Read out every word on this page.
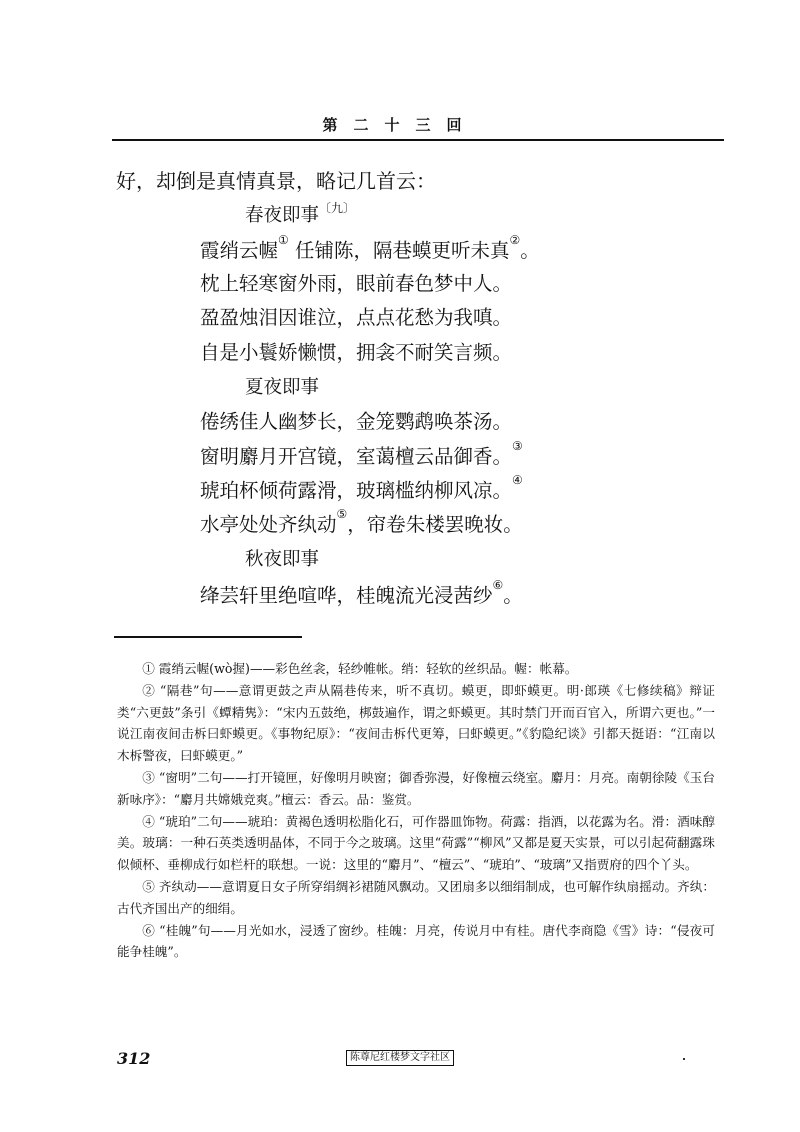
第二十三回
好，却倒是真情真景，略记几首云：
春夜即事$^{〔九〕}$
霞绡云幄① 任铺陈，隔巷蟆更听未真②。
枕上轻寒窗外雨，眼前春色梦中人。
盈盈烛泪因谁泣，点点花愁为我嗔。
自是小鬟娇懒惯，拥衾不耐笑言频。
夏夜即事
倦绣佳人幽梦长，金笼鹦鹉唤茶汤。
窗明麝月开宫镜，室蔼檀云品御香。③
琥珀杯倾荷露滑，玻璃槛纳柳风凉。④
水亭处处齐纨动⑤，帘卷朱楼罢晚妆。
秋夜即事
绛芸轩里绝喧哗，桂魄流光浸茜纱⑥。

① 霞绡云幄(wò握)——彩色丝衾，轻纱帷帐。绡：轻软的丝织品。幄：帐幕。

② “隔巷”句——意谓更鼓之声从隔巷传来，听不真切。蟆更，即虾蟆更。明·郎瑛《七修续稿》辩证类“六更鼓”条引《蟫精隽》：“宋内五鼓绝，梆鼓遍作，谓之虾蟆更。其时禁门开而百官入，所谓六更也。”一说江南夜间击柝曰虾蟆更。《事物纪原》：“夜间击柝代更筹，曰虾蟆更。”《豹隐纪谈》引都天挺语：“江南以木柝警夜，曰虾蟆更。”

③ “窗明”二句——打开镜匣，好像明月映窗；御香弥漫，好像檀云绕室。麝月：月亮。南朝徐陵《玉台新咏序》：“麝月共嫦娥竞爽。”檀云：香云。品：鉴赏。

④ “琥珀”二句——琥珀：黄褐色透明松脂化石，可作器皿饰物。荷露：指酒，以花露为名。滑：酒味醇美。玻璃：一种石英类透明晶体，不同于今之玻璃。这里“荷露”“柳风”又都是夏天实景，可以引起荷翻露珠似倾杯、垂柳成行如栏杆的联想。一说：这里的“麝月”、“檀云”、“琥珀”、“玻璃”又指贾府的四个丫头。

⑤ 齐纨动——意谓夏日女子所穿绢绸衫裙随风飘动。又团扇多以细绢制成，也可解作纨扇摇动。齐纨：古代齐国出产的细绢。

⑥ “桂魄”句——月光如水，浸透了窗纱。桂魄：月亮，传说月中有桂。唐代李商隐《雪》诗：“侵夜可能争桂魄”。

312	陈尊尼红楼梦文字社区
